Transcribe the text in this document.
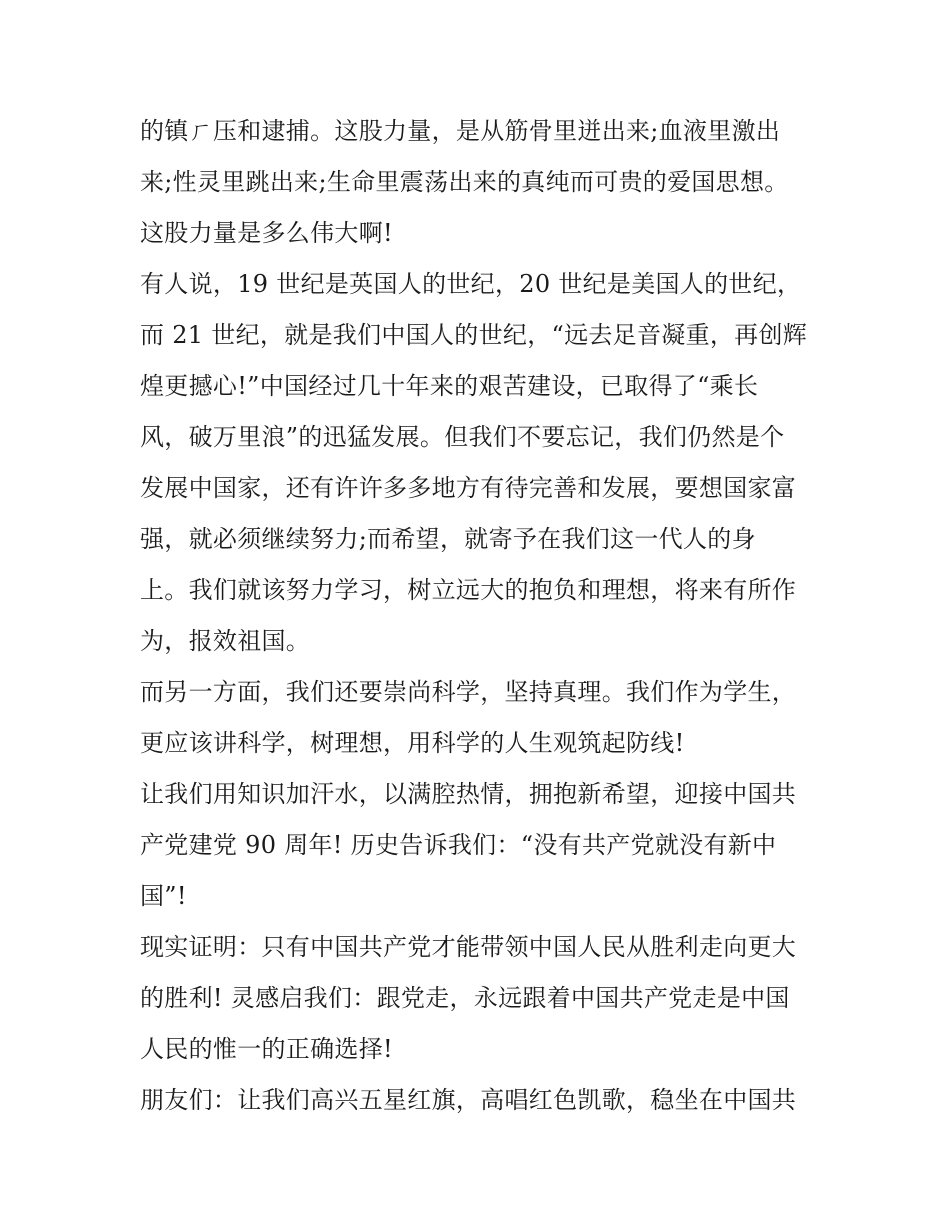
的镇ㄏ压和逮捕。这股力量，是从筋骨里迸出来;血液里激出
来;性灵里跳出来;生命里震荡出来的真纯而可贵的爱国思想。
这股力量是多么伟大啊!
有人说，19 世纪是英国人的世纪，20 世纪是美国人的世纪，
而 21 世纪，就是我们中国人的世纪，“远去足音凝重，再创辉
煌更撼心!”中国经过几十年来的艰苦建设，已取得了“乘长
风，破万里浪”的迅猛发展。但我们不要忘记，我们仍然是个
发展中国家，还有许许多多地方有待完善和发展，要想国家富
强，就必须继续努力;而希望，就寄予在我们这一代人的身
上。我们就该努力学习，树立远大的抱负和理想，将来有所作
为，报效祖国。
而另一方面，我们还要崇尚科学，坚持真理。我们作为学生，
更应该讲科学，树理想，用科学的人生观筑起防线!
让我们用知识加汗水，以满腔热情，拥抱新希望，迎接中国共
产党建党 90 周年! 历史告诉我们：“没有共产党就没有新中
国”!
现实证明：只有中国共产党才能带领中国人民从胜利走向更大
的胜利! 灵感启我们：跟党走，永远跟着中国共产党走是中国
人民的惟一的正确选择!
朋友们：让我们高兴五星红旗，高唱红色凯歌，稳坐在中国共
